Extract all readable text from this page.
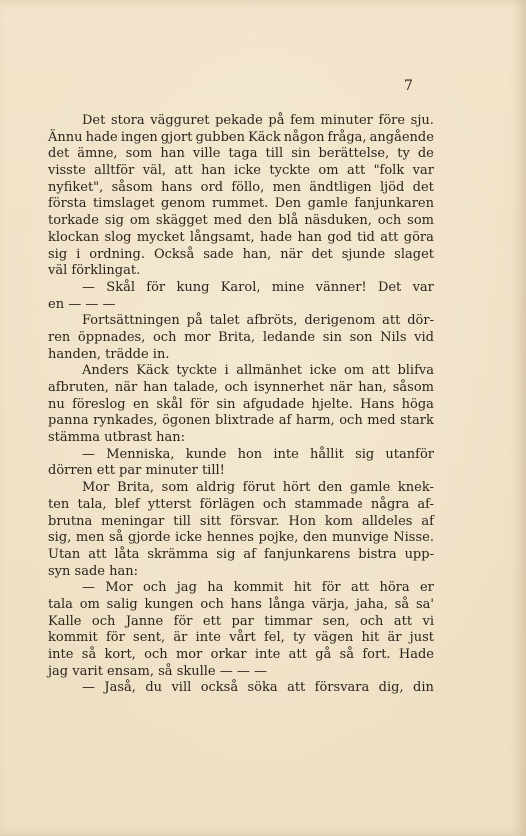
7
Det stora vägguret pekade på fem minuter före sju.
Ännu hade ingen gjort gubben Käck någon fråga, angående
det ämne, som han ville taga till sin berättelse, ty de
visste alltför väl, att han icke tyckte om att "folk var
nyfiket", såsom hans ord föllo, men ändtligen ljöd det
första timslaget genom rummet. Den gamle fanjunkaren
torkade sig om skägget med den blå näsduken, och som
klockan slog mycket långsamt, hade han god tid att göra
sig i ordning. Också sade han, när det sjunde slaget
väl förklingat.
— Skål för kung Karol, mine vänner! Det var
en — — —
Fortsättningen på talet afbröts, derigenom att dör-
ren öppnades, och mor Brita, ledande sin son Nils vid
handen, trädde in.
Anders Käck tyckte i allmänhet icke om att blifva
afbruten, när han talade, och isynnerhet när han, såsom
nu föreslog en skål för sin afgudade hjelte. Hans höga
panna rynkades, ögonen blixtrade af harm, och med stark
stämma utbrast han:
— Menniska, kunde hon inte hållit sig utanför
dörren ett par minuter till!
Mor Brita, som aldrig förut hört den gamle knek-
ten tala, blef ytterst förlägen och stammade några af-
brutna meningar till sitt försvar. Hon kom alldeles af
sig, men så gjorde icke hennes pojke, den munvige Nisse.
Utan att låta skrämma sig af fanjunkarens bistra upp-
syn sade han:
— Mor och jag ha kommit hit för att höra er
tala om salig kungen och hans långa värja, jaha, så sa'
Kalle och Janne för ett par timmar sen, och att vi
kommit för sent, är inte vårt fel, ty vägen hit är just
inte så kort, och mor orkar inte att gå så fort. Hade
jag varit ensam, så skulle — — —
— Jaså, du vill också söka att försvara dig, din
